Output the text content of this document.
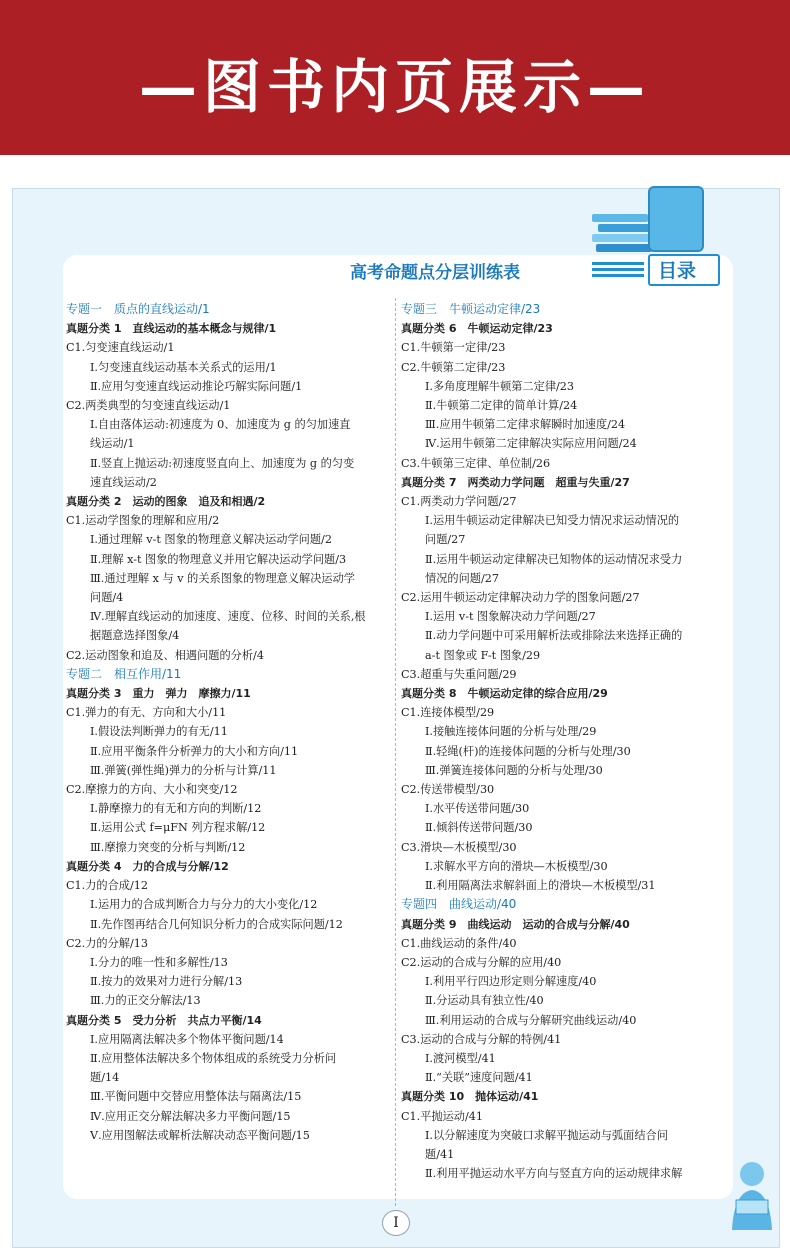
—图书内页展示—
高考命题点分层训练表	目录
专题一　质点的直线运动/1
真题分类 1　直线运动的基本概念与规律/1
C1.匀变速直线运动/1
Ⅰ.匀变速直线运动基本关系式的运用/1
Ⅱ.应用匀变速直线运动推论巧解实际问题/1
C2.两类典型的匀变速直线运动/1
Ⅰ.自由落体运动:初速度为 0、加速度为 g 的匀加速直
线运动/1
Ⅱ.竖直上抛运动:初速度竖直向上、加速度为 g 的匀变
速直线运动/2
真题分类 2　运动的图象　追及和相遇/2
C1.运动学图象的理解和应用/2
Ⅰ.通过理解 v-t 图象的物理意义解决运动学问题/2
Ⅱ.理解 x-t 图象的物理意义并用它解决运动学问题/3
Ⅲ.通过理解 x 与 v 的关系图象的物理意义解决运动学
问题/4
Ⅳ.理解直线运动的加速度、速度、位移、时间的关系,根
据题意选择图象/4
C2.运动图象和追及、相遇问题的分析/4
专题二　相互作用/11
真题分类 3　重力　弹力　摩擦力/11
C1.弹力的有无、方向和大小/11
Ⅰ.假设法判断弹力的有无/11
Ⅱ.应用平衡条件分析弹力的大小和方向/11
Ⅲ.弹簧(弹性绳)弹力的分析与计算/11
C2.摩擦力的方向、大小和突变/12
Ⅰ.静摩擦力的有无和方向的判断/12
Ⅱ.运用公式 f=μFN 列方程求解/12
Ⅲ.摩擦力突变的分析与判断/12
真题分类 4　力的合成与分解/12
C1.力的合成/12
Ⅰ.运用力的合成判断合力与分力的大小变化/12
Ⅱ.先作图再结合几何知识分析力的合成实际问题/12
C2.力的分解/13
Ⅰ.分力的唯一性和多解性/13
Ⅱ.按力的效果对力进行分解/13
Ⅲ.力的正交分解法/13
真题分类 5　受力分析　共点力平衡/14
Ⅰ.应用隔离法解决多个物体平衡问题/14
Ⅱ.应用整体法解决多个物体组成的系统受力分析问
题/14
Ⅲ.平衡问题中交替应用整体法与隔离法/15
Ⅳ.应用正交分解法解决多力平衡问题/15
Ⅴ.应用图解法或解析法解决动态平衡问题/15
专题三　牛顿运动定律/23
真题分类 6　牛顿运动定律/23
C1.牛顿第一定律/23
C2.牛顿第二定律/23
Ⅰ.多角度理解牛顿第二定律/23
Ⅱ.牛顿第二定律的简单计算/24
Ⅲ.应用牛顿第二定律求解瞬时加速度/24
Ⅳ.运用牛顿第二定律解决实际应用问题/24
C3.牛顿第三定律、单位制/26
真题分类 7　两类动力学问题　超重与失重/27
C1.两类动力学问题/27
Ⅰ.运用牛顿运动定律解决已知受力情况求运动情况的
问题/27
Ⅱ.运用牛顿运动定律解决已知物体的运动情况求受力
情况的问题/27
C2.运用牛顿运动定律解决动力学的图象问题/27
Ⅰ.运用 v-t 图象解决动力学问题/27
Ⅱ.动力学问题中可采用解析法或排除法来选择正确的
a-t 图象或 F-t 图象/29
C3.超重与失重问题/29
真题分类 8　牛顿运动定律的综合应用/29
C1.连接体模型/29
Ⅰ.接触连接体问题的分析与处理/29
Ⅱ.轻绳(杆)的连接体问题的分析与处理/30
Ⅲ.弹簧连接体问题的分析与处理/30
C2.传送带模型/30
Ⅰ.水平传送带问题/30
Ⅱ.倾斜传送带问题/30
C3.滑块—木板模型/30
Ⅰ.求解水平方向的滑块—木板模型/30
Ⅱ.利用隔离法求解斜面上的滑块—木板模型/31
专题四　曲线运动/40
真题分类 9　曲线运动　运动的合成与分解/40
C1.曲线运动的条件/40
C2.运动的合成与分解的应用/40
Ⅰ.利用平行四边形定则分解速度/40
Ⅱ.分运动具有独立性/40
Ⅲ.利用运动的合成与分解研究曲线运动/40
C3.运动的合成与分解的特例/41
Ⅰ.渡河模型/41
Ⅱ.“关联”速度问题/41
真题分类 10　抛体运动/41
C1.平抛运动/41
Ⅰ.以分解速度为突破口求解平抛运动与弧面结合问
题/41
Ⅱ.利用平抛运动水平方向与竖直方向的运动规律求解
Ⅰ
